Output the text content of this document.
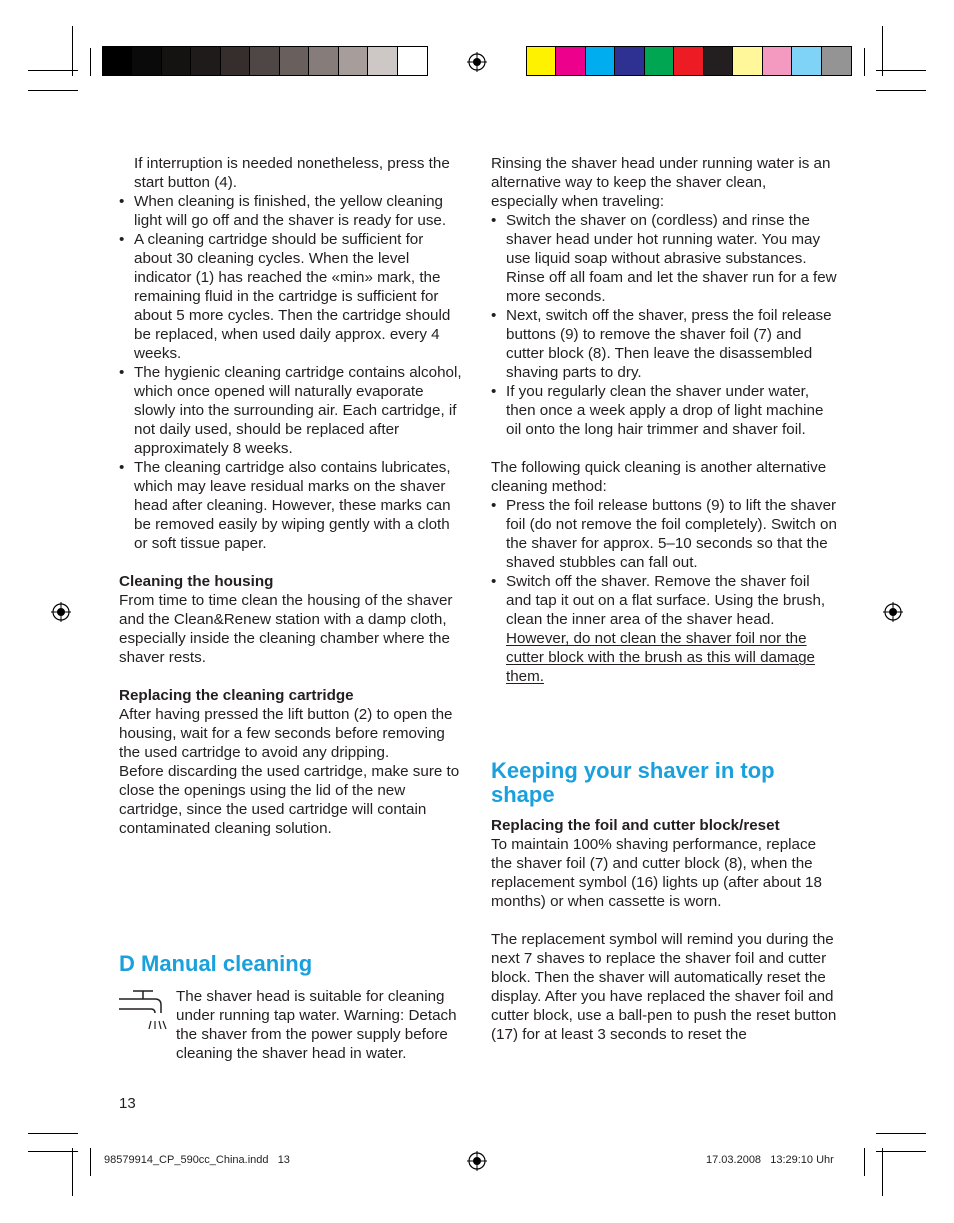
If interruption is needed nonetheless, press the start button (4).

• When cleaning is finished, the yellow cleaning light will go off and the shaver is ready for use.
• A cleaning cartridge should be sufficient for about 30 cleaning cycles. When the level indicator (1) has reached the «min» mark, the remaining fluid in the cartridge is sufficient for about 5 more cycles. Then the cartridge should be replaced, when used daily approx. every 4 weeks.
• The hygienic cleaning cartridge contains alcohol, which once opened will naturally evaporate slowly into the surrounding air. Each cartridge, if not daily used, should be replaced after approximately 8 weeks.
• The cleaning cartridge also contains lubricates, which may leave residual marks on the shaver head after cleaning. However, these marks can be removed easily by wiping gently with a cloth or soft tissue paper.

Cleaning the housing

From time to time clean the housing of the shaver and the Clean&Renew station with a damp cloth, especially inside the cleaning chamber where the shaver rests.

Replacing the cleaning cartridge

After having pressed the lift button (2) to open the housing, wait for a few seconds before removing the used cartridge to avoid any dripping.

Before discarding the used cartridge, make sure to close the openings using the lid of the new cartridge, since the used cartridge will contain contaminated cleaning solution.

D Manual cleaning

The shaver head is suitable for cleaning under running tap water. Warning: Detach the shaver from the power supply before cleaning the shaver head in water.

13

Rinsing the shaver head under running water is an alternative way to keep the shaver clean, especially when traveling:

• Switch the shaver on (cordless) and rinse the shaver head under hot running water. You may use liquid soap without abrasive substances. Rinse off all foam and let the shaver run for a few more seconds.
• Next, switch off the shaver, press the foil release buttons (9) to remove the shaver foil (7) and cutter block (8). Then leave the disassembled shaving parts to dry.
• If you regularly clean the shaver under water, then once a week apply a drop of light machine oil onto the long hair trimmer and shaver foil.

The following quick cleaning is another alternative cleaning method:

• Press the foil release buttons (9) to lift the shaver foil (do not remove the foil completely). Switch on the shaver for approx. 5–10 seconds so that the shaved stubbles can fall out.
• Switch off the shaver. Remove the shaver foil and tap it out on a flat surface. Using the brush, clean the inner area of the shaver head. However, do not clean the shaver foil nor the cutter block with the brush as this will damage them.
Keeping your shaver in top shape

Replacing the foil and cutter block/reset

To maintain 100% shaving performance, replace the shaver foil (7) and cutter block (8), when the replacement symbol (16) lights up (after about 18 months) or when cassette is worn.

The replacement symbol will remind you during the next 7 shaves to replace the shaver foil and cutter block. Then the shaver will automatically reset the display. After you have replaced the shaver foil and cutter block, use a ball-pen to push the reset button (17) for at least 3 seconds to reset the

98579914_CP_590cc_China.indd   13	17.03.2008   13:29:10 Uhr
